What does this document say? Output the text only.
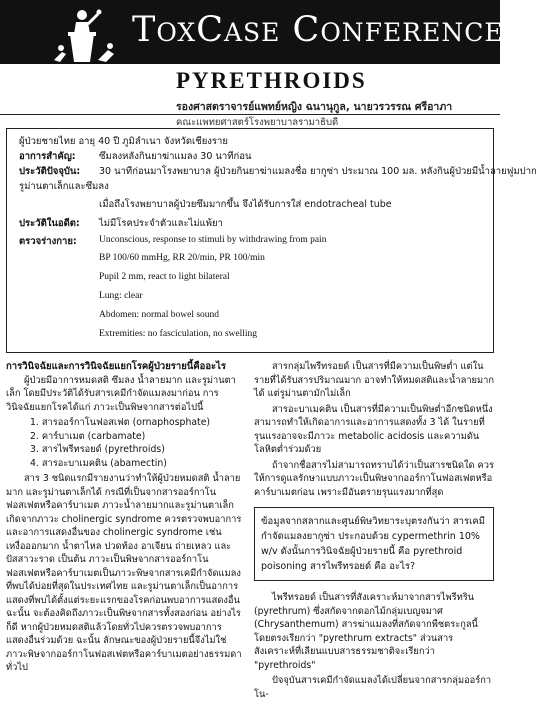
ToxCase Conference
PYRETHROIDS
รองศาสตราจารย์แพทย์หญิง ฉนานุกูล, นายวรวรรณ ศรีอาภา
คณะแพทยศาสตร์โรงพยาบาลรามาธิบดี
ผู้ป่วยชายไทย อายุ 40 ปี ภูมิลำเนา จังหวัดเชียงราย
อาการสำคัญ: ซึมลงหลังกินยาฆ่าแมลง 30 นาทีก่อน
ประวัติปัจจุบัน: 30 นาทีก่อนมาโรงพยาบาล ผู้ป่วยกินยาฆ่าแมลงชื่อ ยากูซ่า ประมาณ 100 มล. หลังกินผู้ป่วยมีน้ำลายฟูมปาก
รูม่านตาเล็กและซึมลง
เมื่อถึงโรงพยาบาลผู้ป่วยซึมมากขึ้น จึงได้รับการใส่ endotracheal tube
ประวัติในอดีต: ไม่มีโรคประจำตัวและไม่แพ้ยา
ตรวจร่างกาย: Unconscious, response to stimuli by withdrawing from pain
BP 100/60 mmHg, RR 20/min, PR 100/min
Pupil 2 mm, react to light bilateral
Lung: clear
Abdomen: normal bowel sound
Extremities: no fasciculation, no swelling
การวินิจฉัยและการวินิจฉัยแยกโรคผู้ป่วยรายนี้คืออะไร

ผู้ป่วยมีอาการหมดสติ ซึมลง น้ำลายมาก และรูม่านตาเล็ก โดยมีประวัติได้รับสารเคมีกำจัดแมลงมาก่อน การวินิจฉัยแยกโรคได้แก่ ภาวะเป็นพิษจากสารต่อไปนี้

1. สารออร์กาโนฟอสเฟต (ornaphosphate)
2. คาร์บาเมต (carbamate)
3. สารไพรีทรอยด์ (pyrethroids)
4. สารอะบาเมคติน (abamectin)

สาร 3 ชนิดแรกมีรายงานว่าทำให้ผู้ป่วยหมดสติ น้ำลายมาก และรูม่านตาเล็กได้ กรณีที่เป็นจากสารออร์กาโนฟอสเฟตหรือคาร์บาเมต ภาวะน้ำลายมากและรูม่านตาเล็กเกิดจากภาวะ cholinergic syndrome ควรตรวจพบอาการและอาการแสดงอื่นของ cholinergic syndrome เช่น เหงื่อออกมาก น้ำตาไหล ปวดท้อง อาเจียน ถ่ายเหลว และปัสสาวะราด เป็นต้น ภาวะเป็นพิษจากสารออร์กาโนฟอสเฟตหรือคาร์บาเมตเป็นภาวะพิษจากสารเคมีกำจัดแมลงที่พบได้บ่อยที่สุดในประเทศไทย และรูม่านตาเล็กเป็นอาการแสดงที่พบได้ตั้งแต่ระยะแรกของโรคก่อนพบอาการแสดงอื่น ฉะนั้น จะต้องคิดถึงภาวะเป็นพิษจากสารทั้งสองก่อน อย่างไรก็ดี หากผู้ป่วยหมดสติแล้วโดยทั่วไปควรตรวจพบอาการแสดงอื่นร่วมด้วย ฉะนั้น ลักษณะของผู้ป่วยรายนี้จึงไม่ใช่ภาวะพิษจากออร์กาโนฟอสเฟตหรือคาร์บาเมตอย่างธรรมดาทั่วไป

สารกลุ่มไพรีทรอยด์ เป็นสารที่มีความเป็นพิษต่ำ แต่ในรายที่ได้รับสารปริมาณมาก อาจทำให้หมดสติและน้ำลายมากได้ แต่รูม่านตามักไม่เล็ก

สารอะบาเมคติน เป็นสารที่มีความเป็นพิษต่ำอีกชนิดหนึ่ง สามารถทำให้เกิดอาการและอาการแสดงทั้ง 3 ได้ ในรายที่รุนแรงอาจจะมีภาวะ metabolic acidosis และความดันโลหิตต่ำร่วมด้วย

ถ้าจากชื่อสารไม่สามารถทราบได้ว่าเป็นสารชนิดใด ควรให้การดูแลรักษาแบบภาวะเป็นพิษจากออร์กาโนฟอสเฟตหรือคาร์บาเมตก่อน เพราะมีอันตรายรุนแรงมากที่สุด

ข้อมูลจากสลากและศูนย์พิษวิทยาระบุตรงกันว่า สารเคมีกำจัดแมลงยากูซ่า ประกอบด้วย cypermethrin 10% w/v ดังนั้นการวินิจฉัยผู้ป่วยรายนี้ คือ pyrethroid poisoning สารไพรีทรอยด์ คือ อะไร?

ไพรีทรอยด์ เป็นสารที่สังเคราะห์มาจากสารไพรีทริน (pyrethrum) ซึ่งสกัดจากดอกไม้กลุ่มเบญจมาศ (Chrysanthemum) สารฆ่าแมลงที่สกัดจากพืชตระกูลนี้โดยตรงเรียกว่า "pyrethrum extracts" ส่วนสารสังเคราะห์ที่เลียนแบบสารธรรมชาติจะเรียกว่า "pyrethroids"

ปัจจุบันสารเคมีกำจัดแมลงได้เปลี่ยนจากสารกลุ่มออร์กาโน-
